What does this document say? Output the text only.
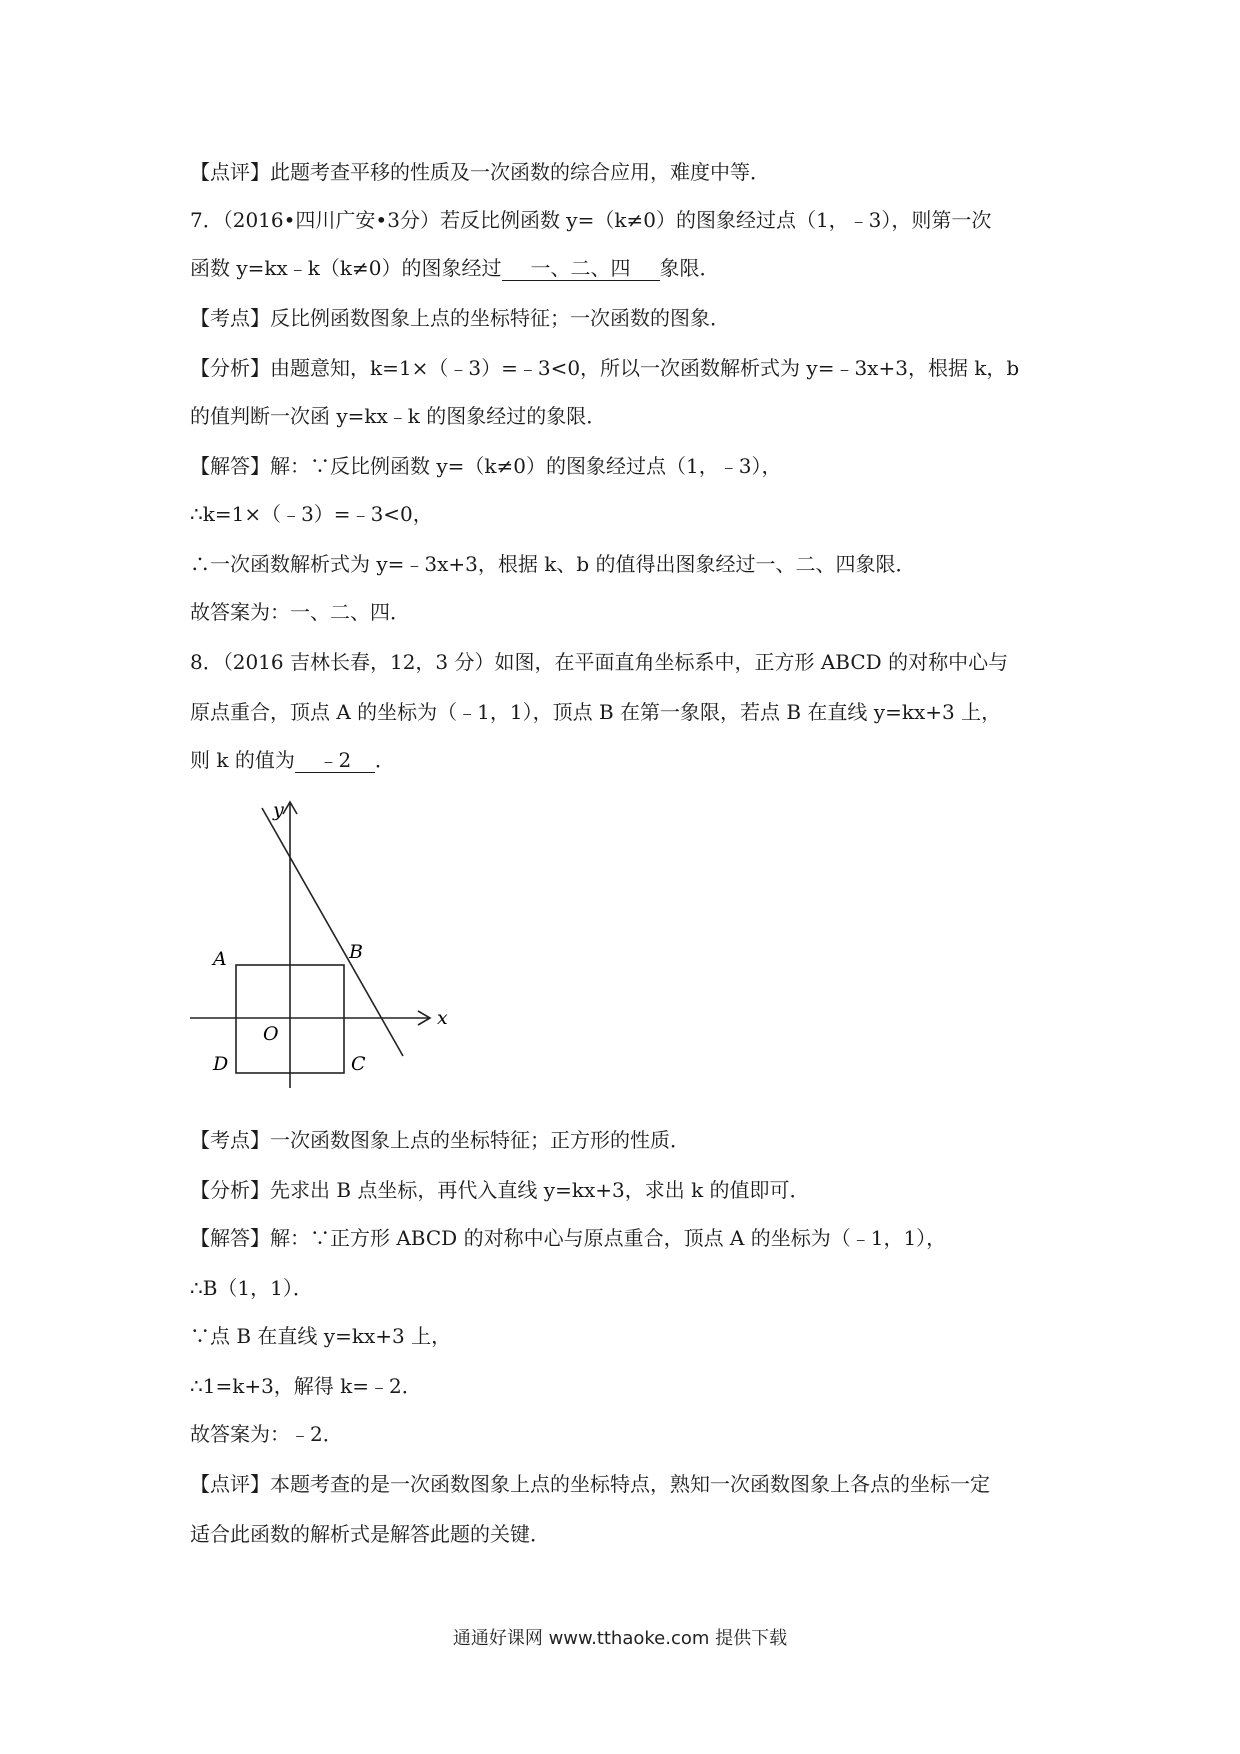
【点评】此题考查平移的性质及一次函数的综合应用，难度中等．
7．（2016•四川广安•3分）若反比例函数 y=（k≠0）的图象经过点（1，﹣3），则第一次
函数 y=kx﹣k（k≠0）的图象经过 一、二、四 象限．
【考点】反比例函数图象上点的坐标特征；一次函数的图象．
【分析】由题意知，k=1×（﹣3）=﹣3<0，所以一次函数解析式为 y=﹣3x+3，根据 k，b
的值判断一次函 y=kx﹣k 的图象经过的象限．
【解答】解：∵反比例函数 y=（k≠0）的图象经过点（1，﹣3），
∴k=1×（﹣3）=﹣3<0，
∴一次函数解析式为 y=﹣3x+3，根据 k、b 的值得出图象经过一、二、四象限．
故答案为：一、二、四．
8．（2016 吉林长春，12，3 分）如图，在平面直角坐标系中，正方形 ABCD 的对称中心与
原点重合，顶点 A 的坐标为（﹣1，1），顶点 B 在第一象限，若点 B 在直线 y=kx+3 上，
则 k 的值为 ﹣2 ．
y
x
A	B
C
D
O
【考点】一次函数图象上点的坐标特征；正方形的性质．
【分析】先求出 B 点坐标，再代入直线 y=kx+3，求出 k 的值即可．
【解答】解：∵正方形 ABCD 的对称中心与原点重合，顶点 A 的坐标为（﹣1，1），
∴B（1，1）．
∵点 B 在直线 y=kx+3 上，
∴1=k+3，解得 k=﹣2．
故答案为：﹣2．
【点评】本题考查的是一次函数图象上点的坐标特点，熟知一次函数图象上各点的坐标一定
适合此函数的解析式是解答此题的关键．
通通好课网 www.tthaoke.com 提供下载
